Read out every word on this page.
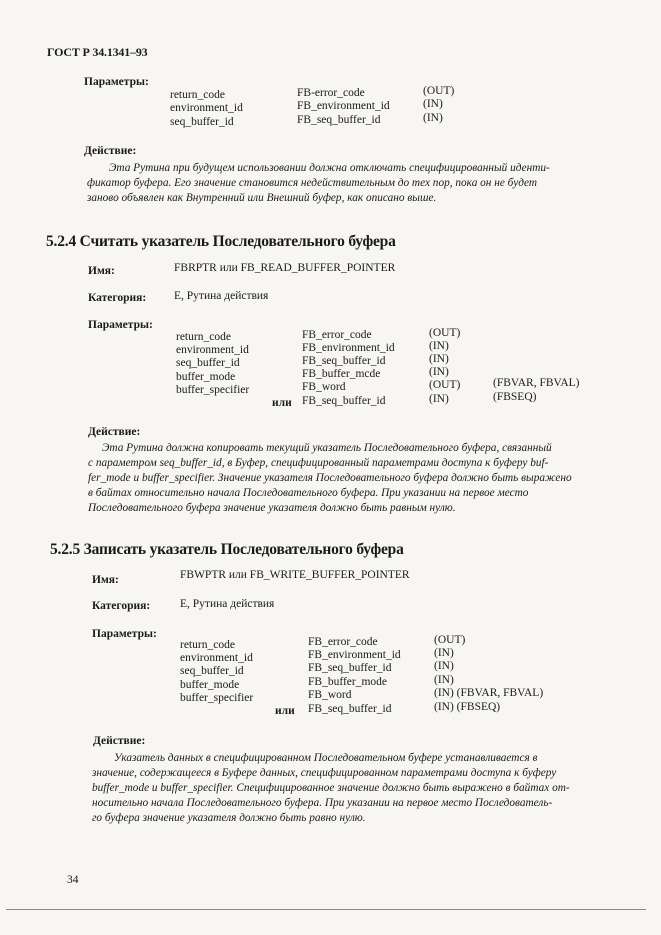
ГОСТ Р 34.1341–93
Параметры:
return_code	FB-error_code	(OUT)
environment_id	FB_environment_id	(IN)
seq_buffer_id	FB_seq_buffer_id	(IN)
Действие:
Эта Рутина при будущем использовании должна отключать специфицированный иденти-
фикатор буфера. Его значение становится недействительным до тех пор, пока он не будет
заново объявлен как Внутренний или Внешний буфер, как описано выше.
5.2.4 Считать указатель Последовательного буфера
Имя:	FBRPTR или FB_READ_BUFFER_POINTER
Категория: Е, Рутина действия
Параметры:
return_code	FB_error_code	(OUT)
environment_id	FB_environment_id	(IN)
seq_buffer_id	FB_seq_buffer_id	(IN)
buffer_mode	FB_buffer_mcde	(IN)
buffer_specifier	FB_word	(OUT)	(FBVAR, FBVAL)
или FB_seq_buffer_id	(IN)	(FBSEQ)
Действие:
Эта Рутина должна копировать текущий указатель Последовательного буфера, связанный
с параметром seq_buffer_id, в Буфер, специфицированный параметрами доступа к буферу buf-
fer_mode и buffer_specifier. Значение указателя Последовательного буфера должно быть выражено
в байтах относительно начала Последовательного буфера. При указании на первое место
Последовательного буфера значение указателя должно быть равным нулю.
5.2.5 Записать указатель Последовательного буфера
Имя:	FBWPTR или FB_WRITE_BUFFER_POINTER
Категория:	Е, Рутина действия
Параметры:
return_code	FB_error_code	(OUT)
environment_id	FB_environment_id	(IN)
seq_buffer_id	FB_seq_buffer_id	(IN)
buffer_mode	FB_buffer_mode	(IN)
buffer_specifier	FB_word	(IN) (FBVAR, FBVAL)
или FB_seq_buffer_id	(IN) (FBSEQ)
Действие:
Указатель данных в специфицированном Последовательном буфере устанавливается в
значение, содержащееся в Буфере данных, специфицированном параметрами доступа к буферу
buffer_mode и buffer_specifier. Специфицированное значение должно быть выражено в байтах от-
носительно начала Последовательного буфера. При указании на первое место Последователь-
го буфера значение указателя должно быть равно нулю.
34
